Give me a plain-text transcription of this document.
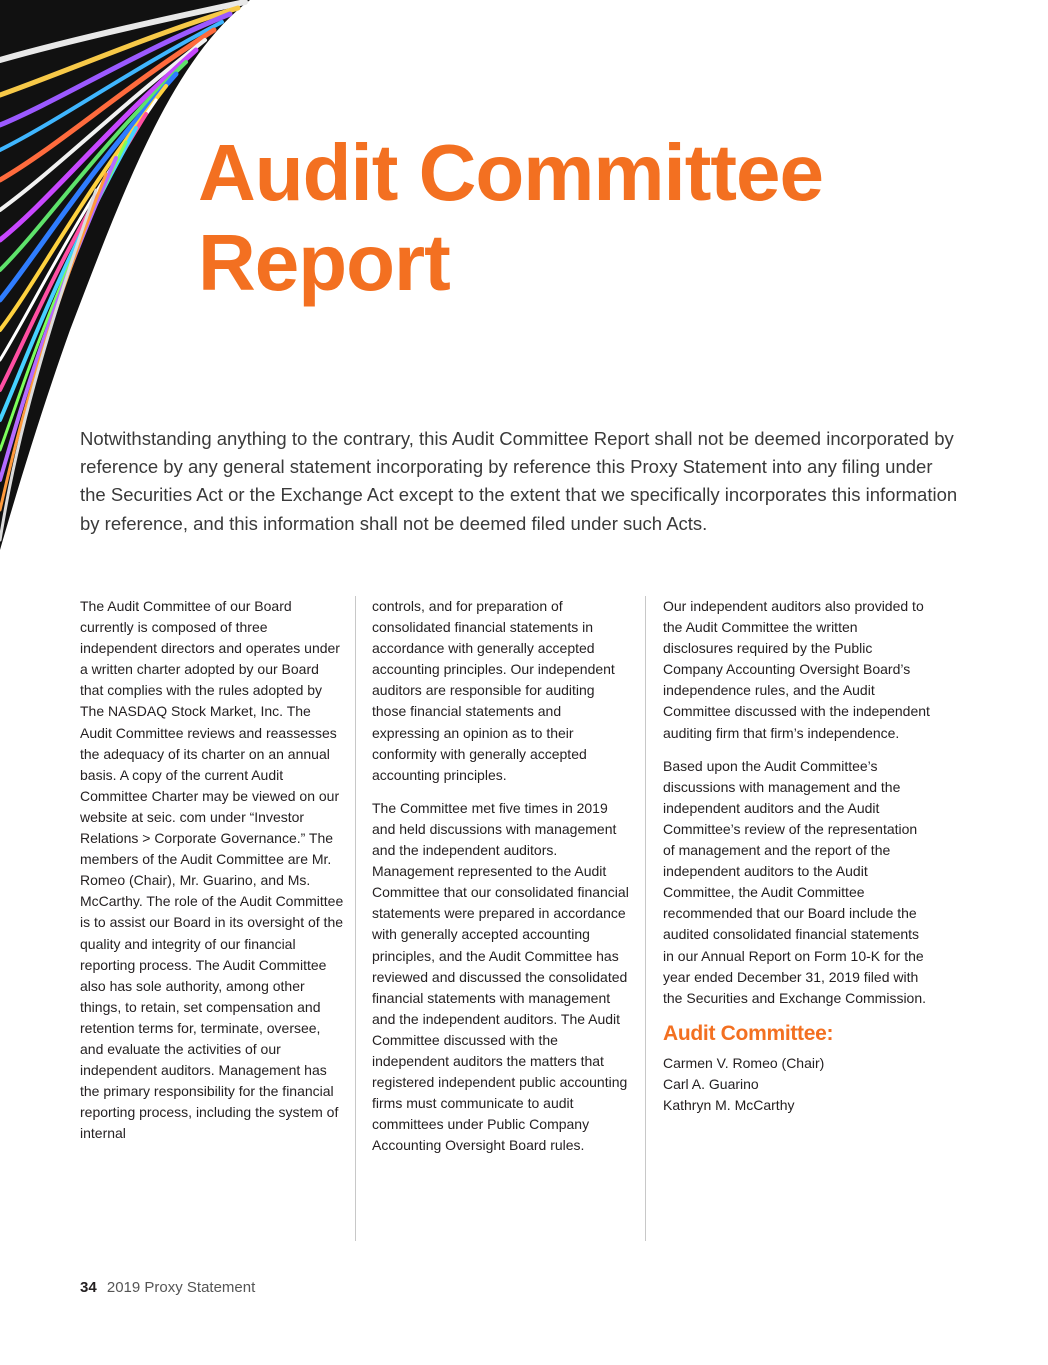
Audit Committee
Report

Notwithstanding anything to the contrary, this Audit Committee Report shall not be deemed incorporated by reference by any general statement incorporating by reference this Proxy Statement into any filing under the Securities Act or the Exchange Act except to the extent that we specifically incorporates this information by reference, and this information shall not be deemed filed under such Acts.

The Audit Committee of our Board currently is composed of three independent directors and operates under a written charter adopted by our Board that complies with the rules adopted by The NASDAQ Stock Market, Inc. The Audit Committee reviews and reassesses the adequacy of its charter on an annual basis. A copy of the current Audit Committee Charter may be viewed on our website at seic. com under “Investor Relations > Corporate Governance.” The members of the Audit Committee are Mr. Romeo (Chair), Mr. Guarino, and Ms. McCarthy. The role of the Audit Committee is to assist our Board in its oversight of the quality and integrity of our financial reporting process. The Audit Committee also has sole authority, among other things, to retain, set compensation and retention terms for, terminate, oversee, and evaluate the activities of our independent auditors. Management has the primary responsibility for the financial reporting process, including the system of internal

controls, and for preparation of consolidated financial statements in accordance with generally accepted accounting principles. Our independent auditors are responsible for auditing those financial statements and expressing an opinion as to their conformity with generally accepted accounting principles.

The Committee met five times in 2019 and held discussions with management and the independent auditors. Management represented to the Audit Committee that our consolidated financial statements were prepared in accordance with generally accepted accounting principles, and the Audit Committee has reviewed and discussed the consolidated financial statements with management and the independent auditors. The Audit Committee discussed with the independent auditors the matters that registered independent public accounting firms must communicate to audit committees under Public Company Accounting Oversight Board rules.

Our independent auditors also provided to the Audit Committee the written disclosures required by the Public Company Accounting Oversight Board’s independence rules, and the Audit Committee discussed with the independent auditing firm that firm’s independence.

Based upon the Audit Committee’s discussions with management and the independent auditors and the Audit Committee’s review of the representation of management and the report of the independent auditors to the Audit Committee, the Audit Committee recommended that our Board include the audited consolidated financial statements in our Annual Report on Form 10-K for the year ended December 31, 2019 filed with the Securities and Exchange Commission.

Audit Committee:
Carmen V. Romeo (Chair)
Carl A. Guarino
Kathryn M. McCarthy
34 2019 Proxy Statement
